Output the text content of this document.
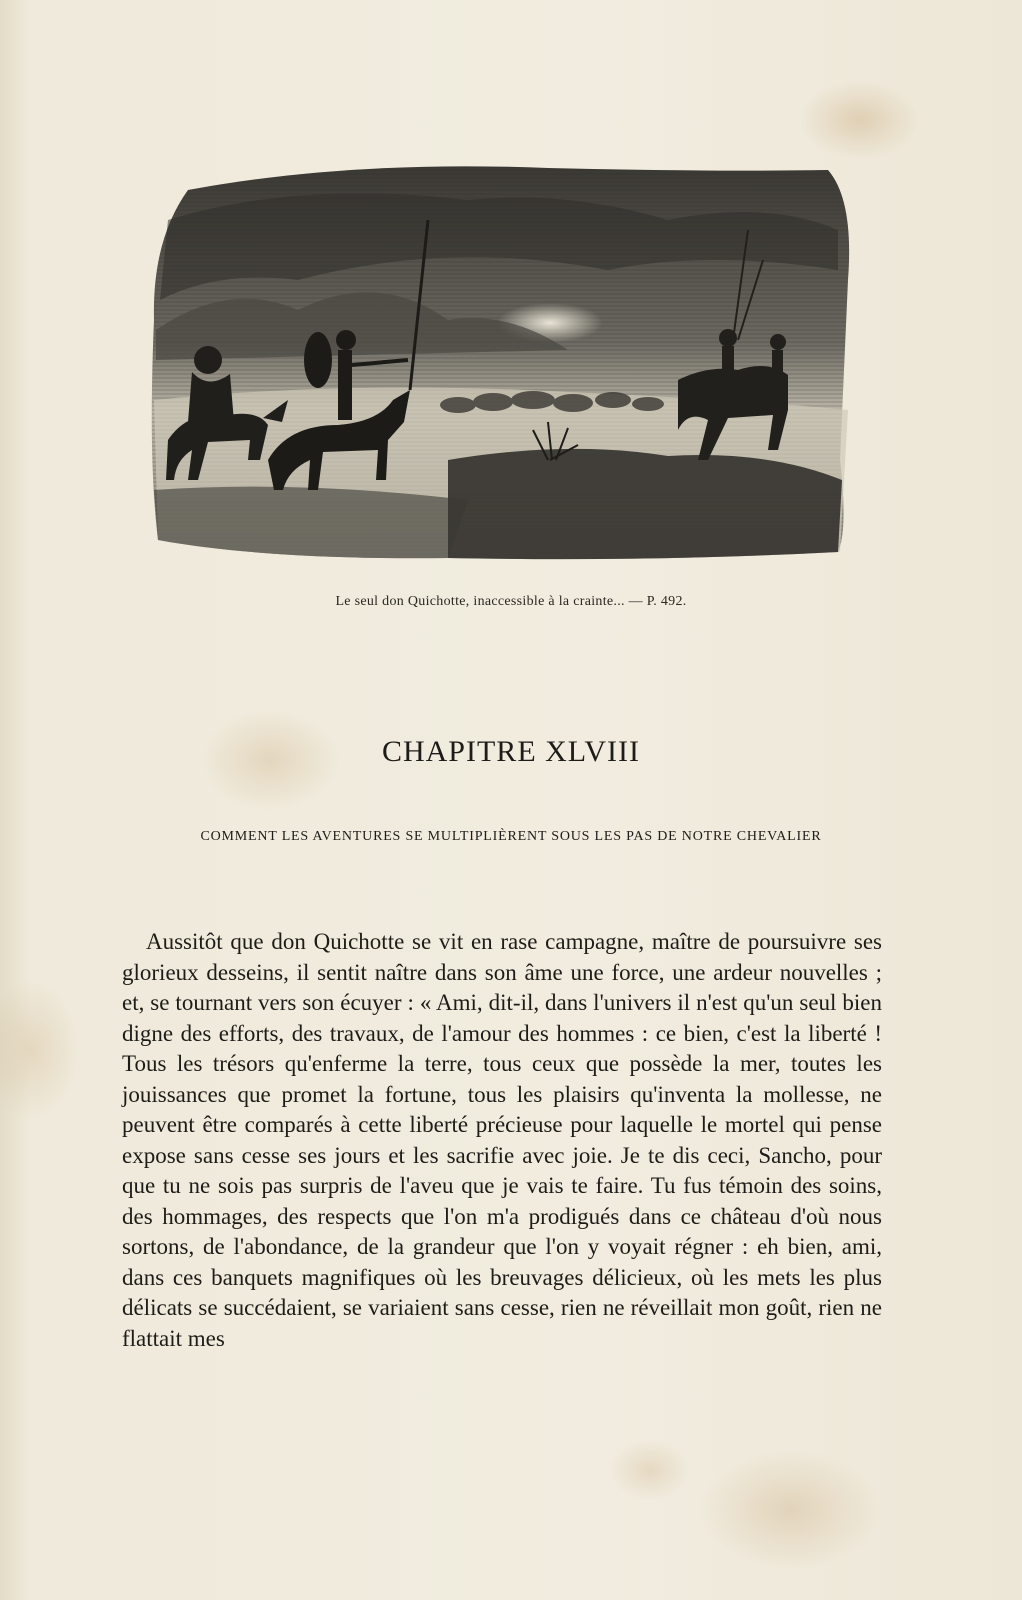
Le seul don Quichotte, inaccessible à la crainte... — P. 492.
CHAPITRE XLVIII
COMMENT LES AVENTURES SE MULTIPLIÈRENT SOUS LES PAS DE NOTRE CHEVALIER

Aussitôt que don Quichotte se vit en rase campagne, maître de poursuivre ses glorieux desseins, il sentit naître dans son âme une force, une ardeur nouvelles ; et, se tournant vers son écuyer : « Ami, dit-il, dans l'univers il n'est qu'un seul bien digne des efforts, des travaux, de l'amour des hommes : ce bien, c'est la liberté ! Tous les trésors qu'enferme la terre, tous ceux que possède la mer, toutes les jouissances que promet la fortune, tous les plaisirs qu'inventa la mollesse, ne peuvent être comparés à cette liberté précieuse pour laquelle le mortel qui pense expose sans cesse ses jours et les sacrifie avec joie. Je te dis ceci, Sancho, pour que tu ne sois pas surpris de l'aveu que je vais te faire. Tu fus témoin des soins, des hommages, des respects que l'on m'a prodigués dans ce château d'où nous sortons, de l'abondance, de la grandeur que l'on y voyait régner : eh bien, ami, dans ces banquets magnifiques où les breuvages délicieux, où les mets les plus délicats se succédaient, se variaient sans cesse, rien ne réveillait mon goût, rien ne flattait mes
